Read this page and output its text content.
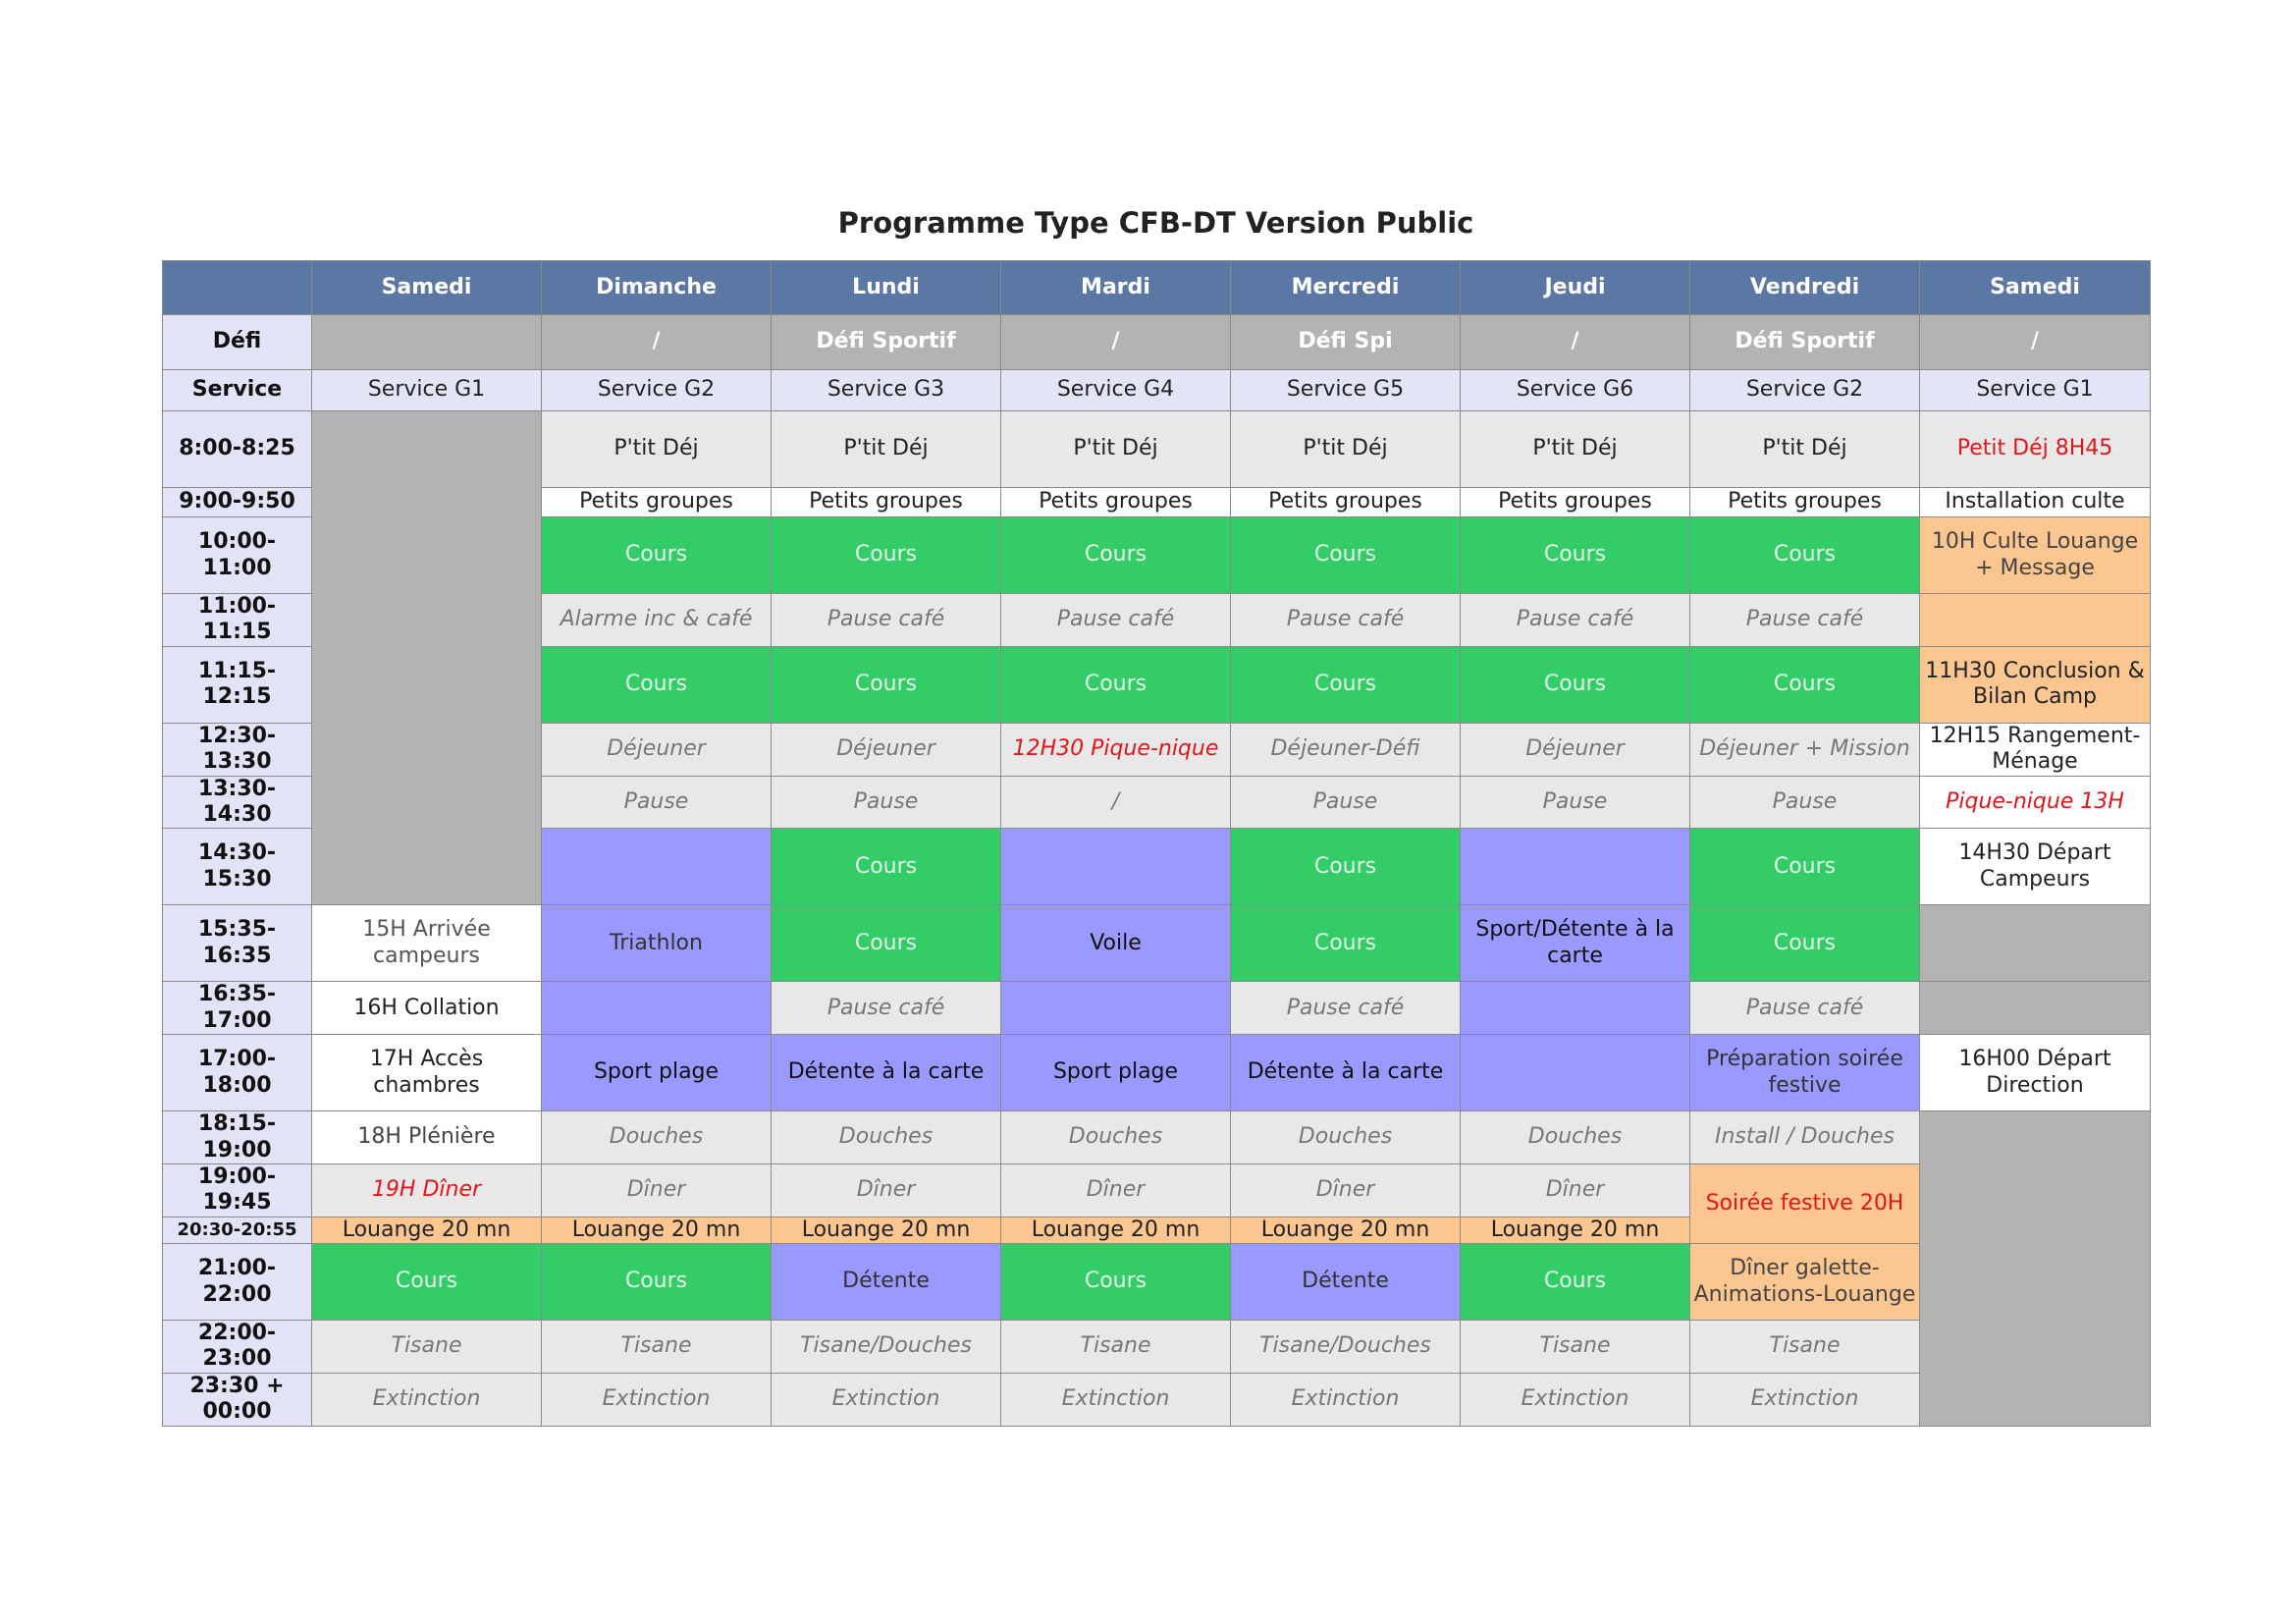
Programme Type CFB-DT Version Public
	Samedi	Dimanche	Lundi	Mardi	Mercredi	Jeudi	Vendredi	Samedi
Défi		/	Défi Sportif	/	Défi Spi	/	Défi Sportif	/
Service	Service G1	Service G2	Service G3	Service G4	Service G5	Service G6	Service G2	Service G1
8:00-8:25		P'tit Déj	P'tit Déj	P'tit Déj	P'tit Déj	P'tit Déj	P'tit Déj	Petit Déj 8H45
9:00-9:50		Petits groupes	Petits groupes	Petits groupes	Petits groupes	Petits groupes	Petits groupes	Installation culte
10:00-11:00		Cours	Cours	Cours	Cours	Cours	Cours	10H Culte Louange + Message
11:00-11:15		Alarme inc & café	Pause café	Pause café	Pause café	Pause café	Pause café	
11:15-12:15		Cours	Cours	Cours	Cours	Cours	Cours	11H30 Conclusion & Bilan Camp
12:30-13:30		Déjeuner	Déjeuner	12H30 Pique-nique	Déjeuner-Défi	Déjeuner	Déjeuner + Mission	12H15 Rangement-Ménage
13:30-14:30		Pause	Pause	/	Pause	Pause	Pause	Pique-nique 13H
14:30-15:30			Cours		Cours		Cours	14H30 Départ Campeurs
15:35-16:35	15H Arrivée campeurs	Triathlon	Cours	Voile	Cours	Sport/Détente à la carte	Cours	
16:35-17:00	16H Collation		Pause café		Pause café		Pause café	
17:00-18:00	17H Accès chambres	Sport plage	Détente à la carte	Sport plage	Détente à la carte		Préparation soirée festive	16H00 Départ Direction
18:15-19:00	18H Plénière	Douches	Douches	Douches	Douches	Douches	Install / Douches	
19:00-19:45	19H Dîner	Dîner	Dîner	Dîner	Dîner	Dîner	Soirée festive 20H	
20:30-20:55	Louange 20 mn	Louange 20 mn	Louange 20 mn	Louange 20 mn	Louange 20 mn	Louange 20 mn		
21:00-22:00	Cours	Cours	Détente	Cours	Détente	Cours	Dîner galette-Animations-Louange	
22:00-23:00	Tisane	Tisane	Tisane/Douches	Tisane	Tisane/Douches	Tisane	Tisane	
23:30 + 00:00	Extinction	Extinction	Extinction	Extinction	Extinction	Extinction	Extinction	
